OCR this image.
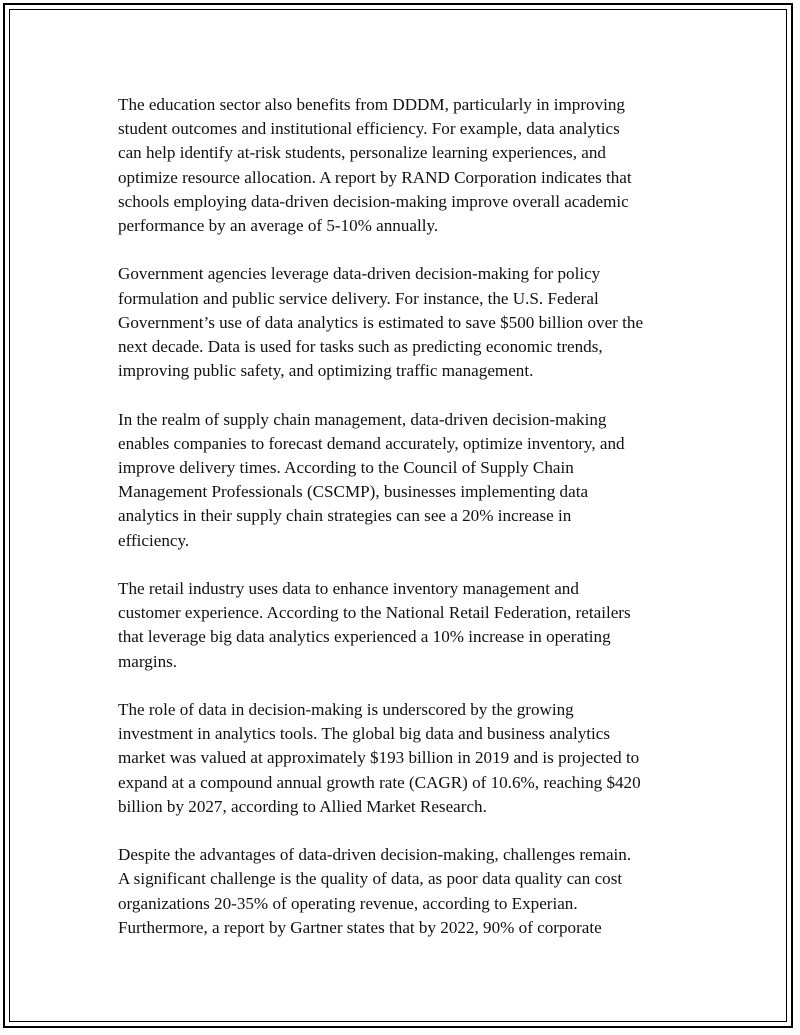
The education sector also benefits from DDDM, particularly in improving
student outcomes and institutional efficiency. For example, data analytics
can help identify at-risk students, personalize learning experiences, and
optimize resource allocation. A report by RAND Corporation indicates that
schools employing data-driven decision-making improve overall academic
performance by an average of 5-10% annually.

Government agencies leverage data-driven decision-making for policy
formulation and public service delivery. For instance, the U.S. Federal
Government’s use of data analytics is estimated to save $500 billion over the
next decade. Data is used for tasks such as predicting economic trends,
improving public safety, and optimizing traffic management.

In the realm of supply chain management, data-driven decision-making
enables companies to forecast demand accurately, optimize inventory, and
improve delivery times. According to the Council of Supply Chain
Management Professionals (CSCMP), businesses implementing data
analytics in their supply chain strategies can see a 20% increase in
efficiency.

The retail industry uses data to enhance inventory management and
customer experience. According to the National Retail Federation, retailers
that leverage big data analytics experienced a 10% increase in operating
margins.

The role of data in decision-making is underscored by the growing
investment in analytics tools. The global big data and business analytics
market was valued at approximately $193 billion in 2019 and is projected to
expand at a compound annual growth rate (CAGR) of 10.6%, reaching $420
billion by 2027, according to Allied Market Research.

Despite the advantages of data-driven decision-making, challenges remain.
A significant challenge is the quality of data, as poor data quality can cost
organizations 20-35% of operating revenue, according to Experian.
Furthermore, a report by Gartner states that by 2022, 90% of corporate
